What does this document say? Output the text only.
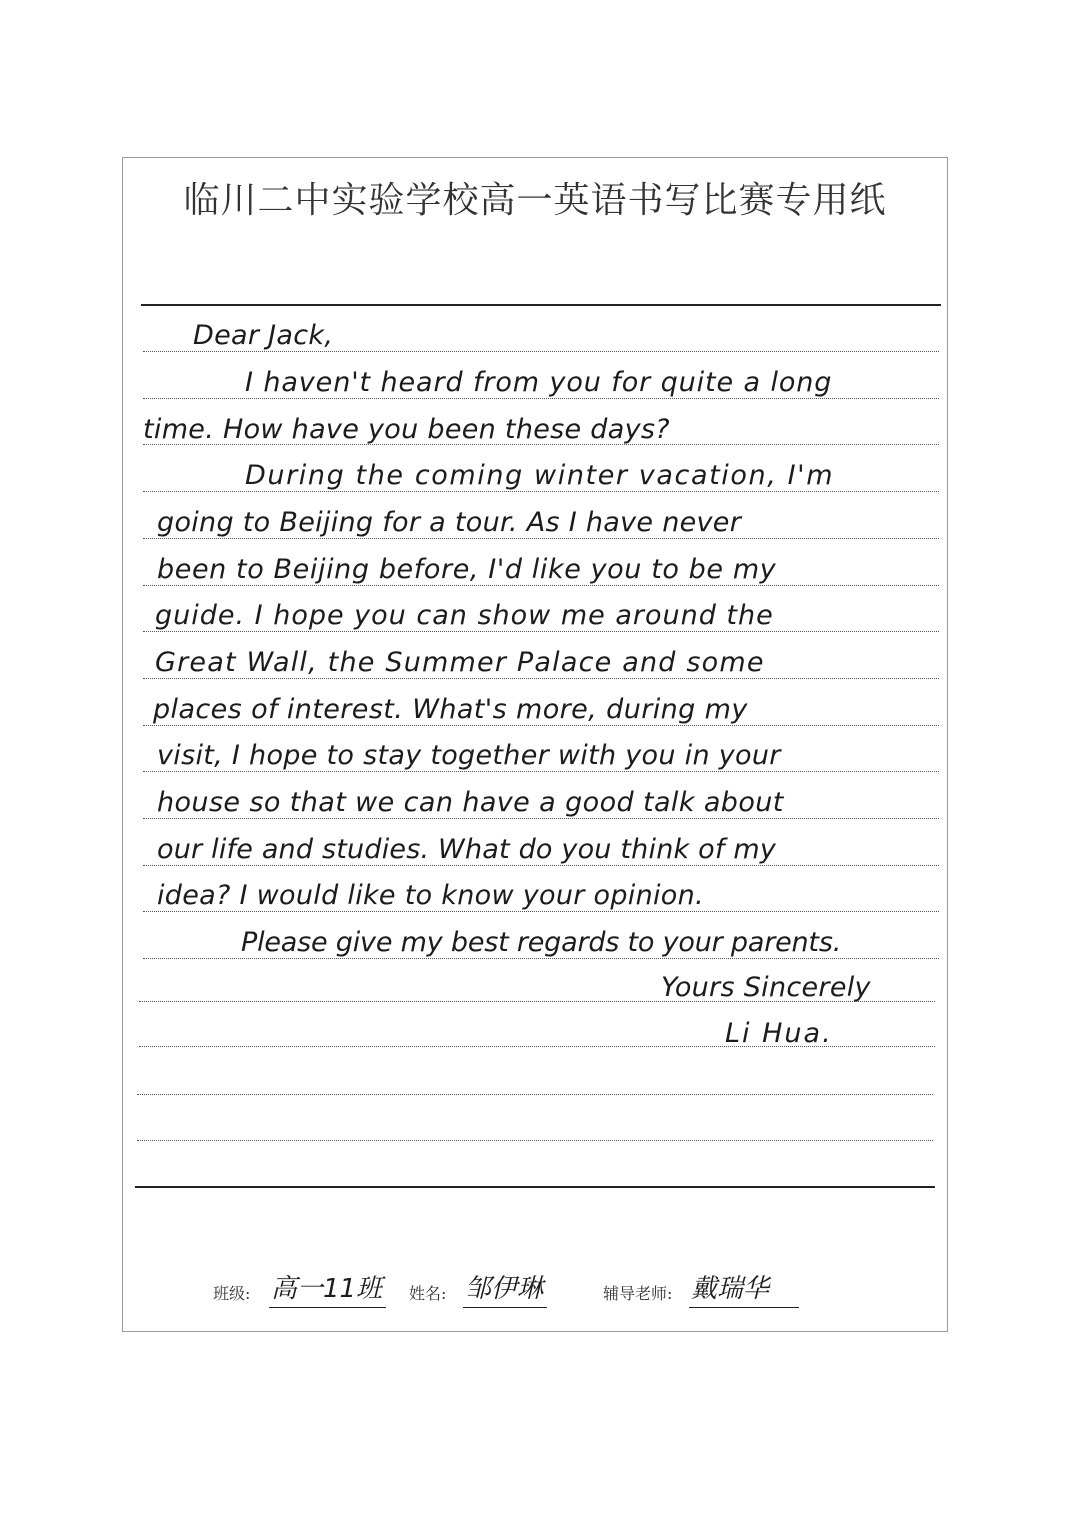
临川二中实验学校高一英语书写比赛专用纸
Dear Jack,
I haven't heard from you for quite a long
time. How have you been these days?
During the coming winter vacation, I'm
going to Beijing for a tour. As I have never
been to Beijing before, I'd like you to be my
guide. I hope you can show me around the
Great Wall, the Summer Palace and some
places of interest. What's more, during my
visit, I hope to stay together with you in your
house so that we can have a good talk about
our life and studies. What do you think of my
idea? I would like to know your opinion.
Please give my best regards to your parents.
Yours Sincerely
Li Hua.
班级: 高一11班 姓名: 邹伊琳	辅导老师: 戴瑞华
